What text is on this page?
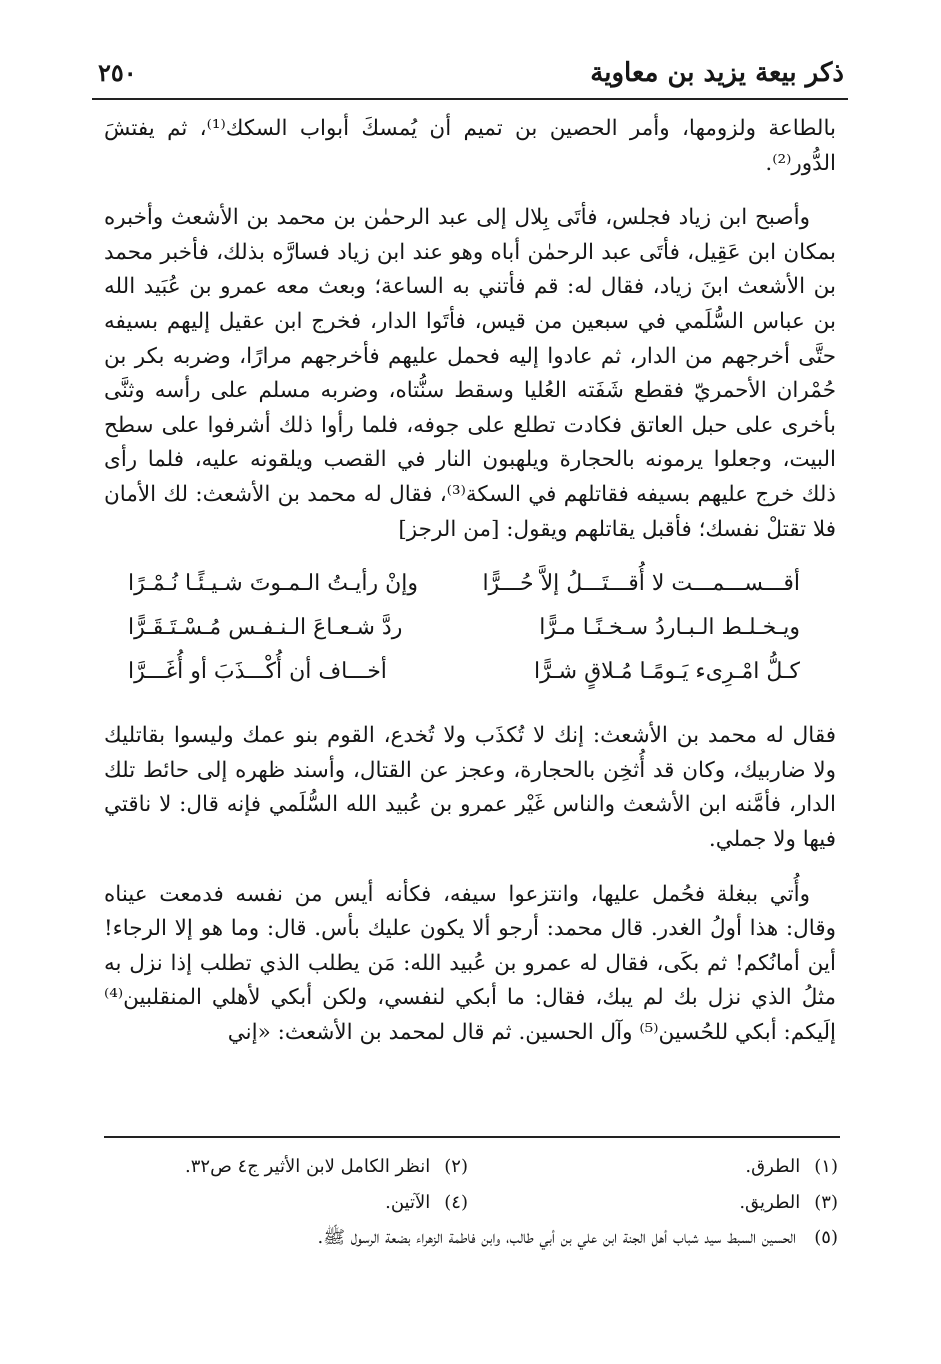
ذكر بيعة يزيد بن معاوية
٢٥٠

بالطاعة ولزومها، وأمر الحصين بن تميم أن يُمسكَ أبواب السكك⁽¹⁾، ثم يفتشَ الدُّور⁽²⁾.

وأصبح ابن زياد فجلس، فأتَى بِلال إلى عبد الرحمٰن بن محمد بن الأشعث وأخبره بمكان ابن عَقِيل، فأتَى عبد الرحمٰن أباه وهو عند ابن زياد فسارَّه بذلك، فأخبر محمد بن الأشعث ابنَ زياد، فقال له: قم فأتني به الساعة؛ وبعث معه عمرو بن عُبَيد الله بن عباس السُّلَمي في سبعين من قيس، فأتَوا الدار، فخرج ابن عقيل إليهم بسيفه حتَّى أخرجهم من الدار، ثم عادوا إليه فحمل عليهم فأخرجهم مرارًا، وضربه بكر بن حُمْران الأحمريّ فقطع شَفَته العُليا وسقط سنُّتاه، وضربه مسلم على رأسه وثنَّى بأخرى على حبل العاتق فكادت تطلع على جوفه، فلما رأوا ذلك أشرفوا على سطح البيت، وجعلوا يرمونه بالحجارة ويلهبون النار في القصب ويلقونه عليه، فلما رأى ذلك خرج عليهم بسيفه فقاتلهم في السكة⁽³⁾، فقال له محمد بن الأشعث: لك الأمان فلا تقتلْ نفسك؛ فأقبل يقاتلهم ويقول: [من الرجز]

أقـــســـمـــت لا أُقـــتَـــلُ إلاَّ حُـــرًّا
وإنْ رأيـتُ الـمـوتَ شـيـئًـا نُـمْـرًا
ويـخـلـط الـبـاردُ سـخـنًـا مـرًّا
ردَّ شـعـاعَ الـنـفـس مُـسْـتَـقَـرًّا
كـلُّ امْـرِىء يَـومًـا مُـلاقٍ شـرًّا
أخـــاف أن أُكْـــذَبَ أو أُغَـــرَّا

فقال له محمد بن الأشعث: إنك لا تُكذَب ولا تُخدع، القوم بنو عمك وليسوا بقاتليك ولا ضاربيك، وكان قد أُثخِن بالحجارة، وعجز عن القتال، وأسند ظهره إلى حائط تلك الدار، فأمَّنه ابن الأشعث والناس غَيْر عمرو بن عُبيد الله السُّلَمي فإنه قال: لا ناقتي فيها ولا جملي.

وأُتي ببغلة فحُمل عليها، وانتزعوا سيفه، فكأنه أيس من نفسه فدمعت عيناه وقال: هذا أولُ الغدر. قال محمد: أرجو ألا يكون عليك بأس. قال: وما هو إلا الرجاء! أين أمانُكم! ثم بكَى، فقال له عمرو بن عُبيد الله: مَن يطلب الذي تطلب إذا نزل به مثلُ الذي نزل بك لم يبك، فقال: ما أبكي لنفسي، ولكن أبكي لأهلي المنقلبين⁽⁴⁾ إلَيكم: أبكي للحُسين⁽⁵⁾ وآل الحسين. ثم قال لمحمد بن الأشعث: «إني

(١)الطرق.
(٢)انظر الكامل لابن الأثير ج٤ ص٣٢.
(٣)الطريق.
(٤)الآتين.
(٥)
الحسين السبط سيد شباب أهل الجنة ابن علي بن أبي طالب، وابن فاطمة الزهراء بضعة الرسول ﷺ.
